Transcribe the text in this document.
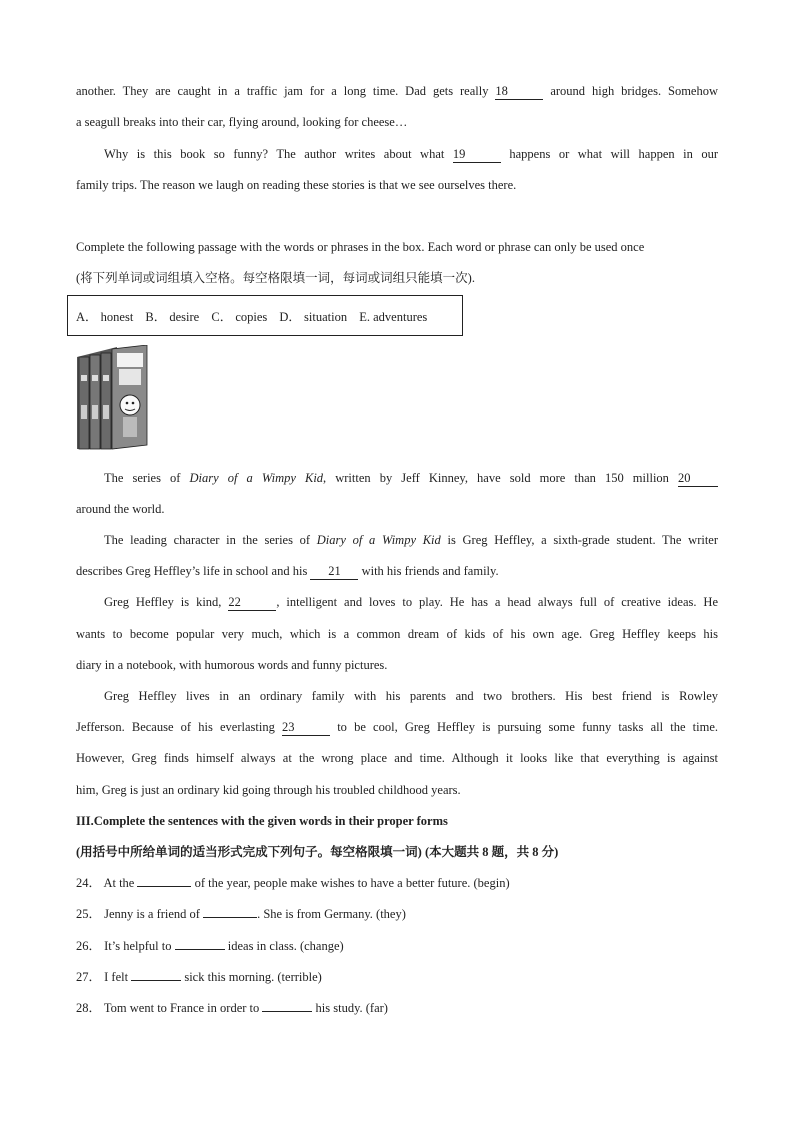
another. They are caught in a traffic jam for a long time. Dad gets really 18	around high bridges. Somehow
a seagull breaks into their car, flying around, looking for cheese…
Why is this book so funny? The author writes about what 19	happens or what will happen in our
family trips. The reason we laugh on reading these stories is that we see ourselves there.
Complete the following passage with the words or phrases in the box. Each word or phrase can only be used once
(将下列单词或词组填入空格。每空格限填一词，每词或词组只能填一次).
A． honest B． desire C． copies D． situation E. adventures
The series of Diary of a Wimpy Kid, written by Jeff Kinney, have sold more than 150 million 20
around the world.
The leading character in the series of Diary of a Wimpy Kid is Greg Heffley, a sixth-grade student. The writer
describes Greg Heffley’s life in school and his 21 with his friends and family.
Greg Heffley is kind, 22	, intelligent and loves to play. He has a head always full of creative ideas. He
wants to become popular very much, which is a common dream of kids of his own age. Greg Heffley keeps his
diary in a notebook, with humorous words and funny pictures.
Greg Heffley lives in an ordinary family with his parents and two brothers. His best friend is Rowley
Jefferson. Because of his everlasting 23	to be cool, Greg Heffley is pursuing some funny tasks all the time.
However, Greg finds himself always at the wrong place and time. Although it looks like that everything is against
him, Greg is just an ordinary kid going through his troubled childhood years.
III.Complete the sentences with the given words in their proper forms
(用括号中所给单词的适当形式完成下列句子。每空格限填一词) (本大题共 8 题，共 8 分)
24． At the	of the year, people make wishes to have a better future. (begin)
25． Jenny is a friend of	. She is from Germany. (they)
26． It’s helpful to	ideas in class. (change)
27． I felt	sick this morning. (terrible)
28． Tom went to France in order to	his study. (far)
